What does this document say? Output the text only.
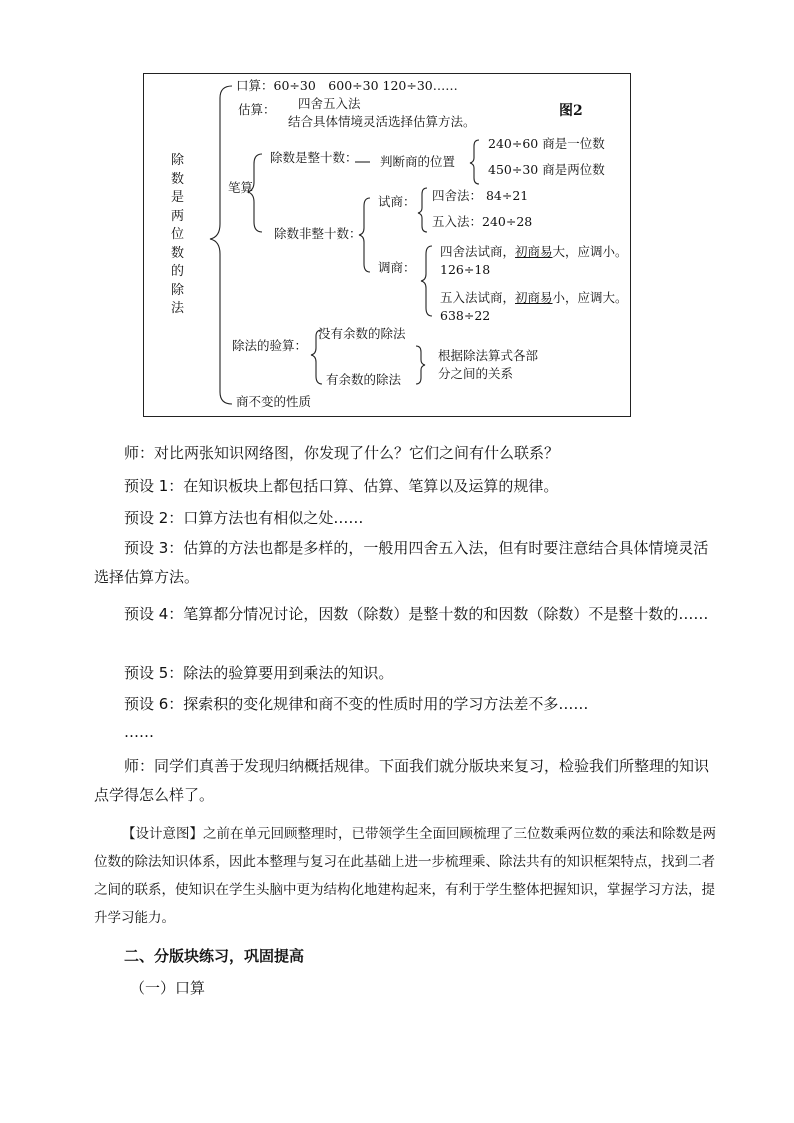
除数是两位数的除法
图2
口算：60÷30　600÷30 120÷30……
估算： 四舍五入法
结合具体情境灵活选择估算方法。
笔算
除数是整十数： 判断商的位置
240÷60 商是一位数
450÷30 商是两位数
除数非整十数：
试商： 四舍法： 84÷21
五入法：240÷28
调商：
四舍法试商，初商易大，应调小。
126÷18
五入法试商，初商易小，应调大。
638÷22
除法的验算：
没有余数的除法
有余数的除法
根据除法算式各部
分之间的关系
商不变的性质
师：对比两张知识网络图，你发现了什么？它们之间有什么联系？
预设 1：在知识板块上都包括口算、估算、笔算以及运算的规律。
预设 2：口算方法也有相似之处……
预设 3：估算的方法也都是多样的，一般用四舍五入法，但有时要注意结合具体情境灵活选择估算方法。
预设 4：笔算都分情况讨论，因数（除数）是整十数的和因数（除数）不是整十数的……
预设 5：除法的验算要用到乘法的知识。
预设 6：探索积的变化规律和商不变的性质时用的学习方法差不多……
……
师：同学们真善于发现归纳概括规律。下面我们就分版块来复习，检验我们所整理的知识点学得怎么样了。
【设计意图】之前在单元回顾整理时，已带领学生全面回顾梳理了三位数乘两位数的乘法和除数是两位数的除法知识体系，因此本整理与复习在此基础上进一步梳理乘、除法共有的知识框架特点，找到二者之间的联系，使知识在学生头脑中更为结构化地建构起来，有利于学生整体把握知识，掌握学习方法，提升学习能力。
二、分版块练习，巩固提高
（一）口算
